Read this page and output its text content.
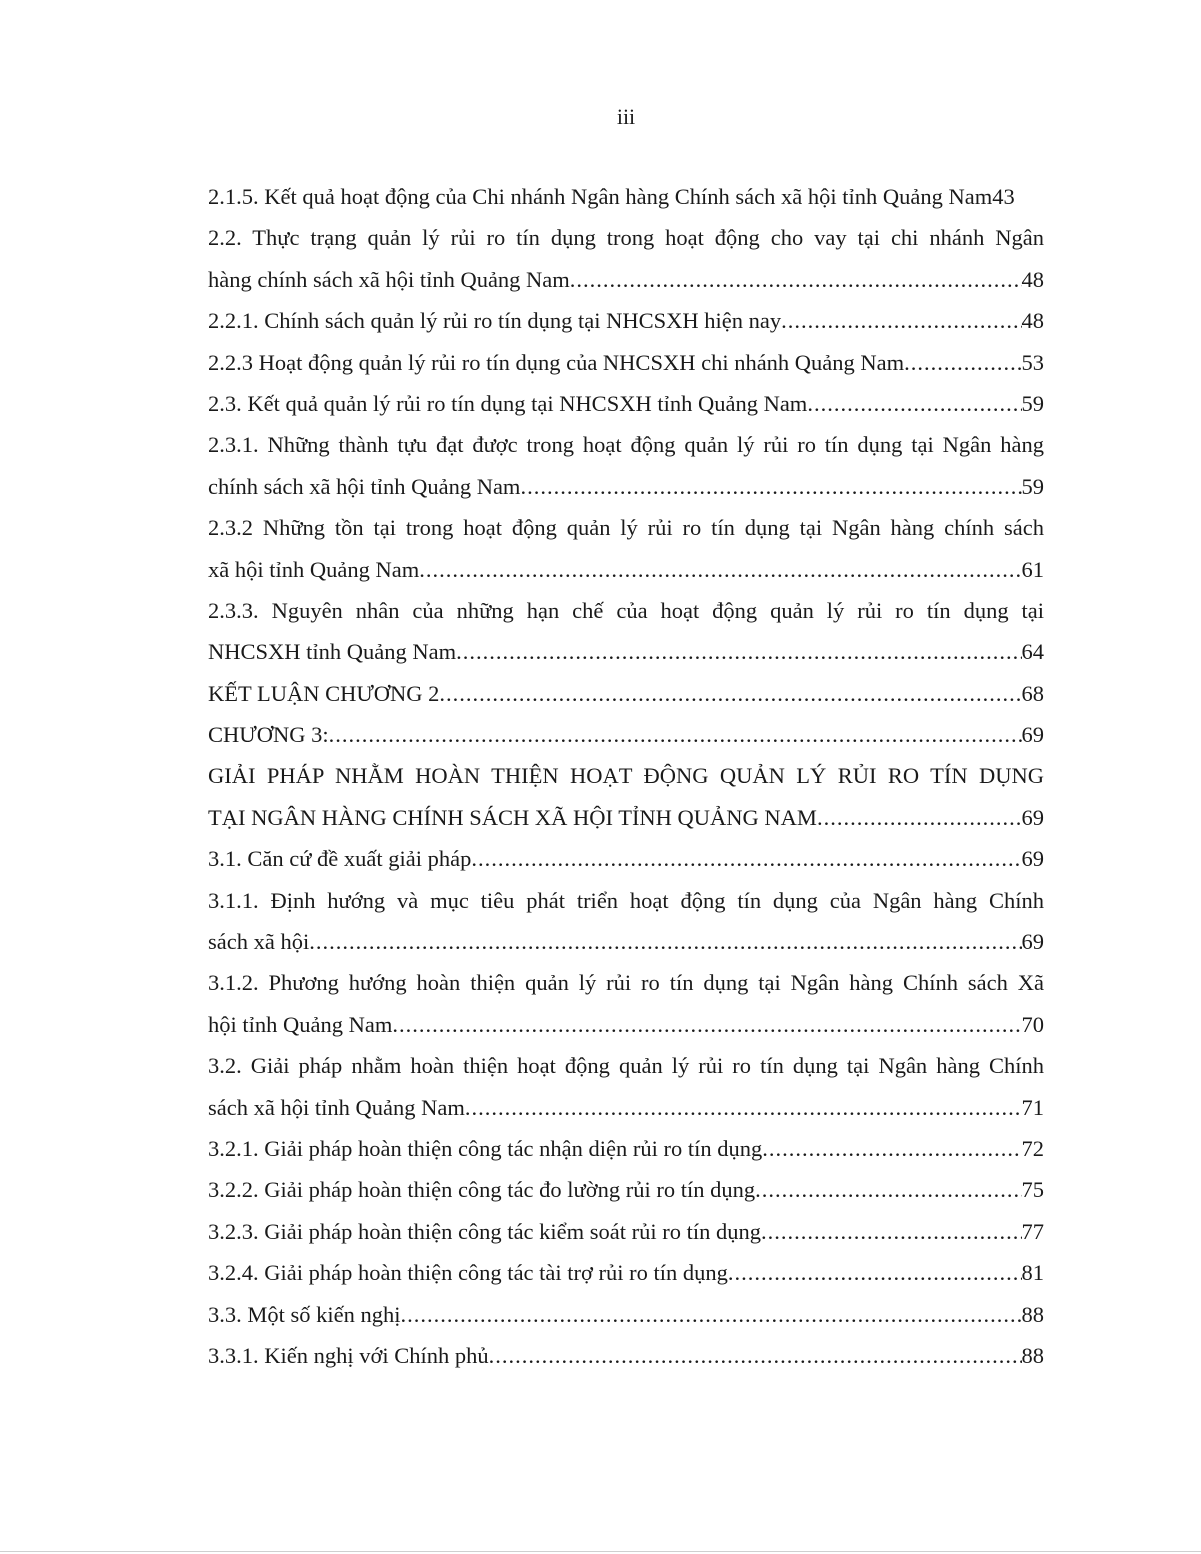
iii
2.1.5. Kết quả hoạt động của Chi nhánh Ngân hàng Chính sách xã hội tỉnh Quảng Nam43
2.2. Thực trạng quản lý rủi ro tín dụng trong hoạt động cho vay tại chi nhánh Ngân
hàng chính sách xã hội tỉnh Quảng Nam .....	48
2.2.1. Chính sách quản lý rủi ro tín dụng tại NHCSXH hiện nay .....	48
2.2.3 Hoạt động quản lý rủi ro tín dụng của NHCSXH chi nhánh Quảng Nam .....	53
2.3. Kết quả quản lý rủi ro tín dụng tại NHCSXH tỉnh Quảng Nam .....	59
2.3.1. Những thành tựu đạt được trong hoạt động quản lý rủi ro tín dụng tại Ngân hàng
chính sách xã hội tỉnh Quảng Nam .....	59
2.3.2 Những tồn tại trong hoạt động quản lý rủi ro tín dụng tại Ngân hàng chính sách
xã hội tỉnh Quảng Nam .....	61
2.3.3. Nguyên nhân của những hạn chế của hoạt động quản lý rủi ro tín dụng tại
NHCSXH tỉnh Quảng Nam .....	64
KẾT LUẬN CHƯƠNG 2 .....	68
CHƯƠNG 3: .....	69
GIẢI PHÁP NHẰM HOÀN THIỆN HOẠT ĐỘNG QUẢN LÝ RỦI RO TÍN DỤNG
TẠI NGÂN HÀNG CHÍNH SÁCH XÃ HỘI TỈNH QUẢNG NAM .....	69
3.1. Căn cứ đề xuất giải pháp .....	69
3.1.1. Định hướng và mục tiêu phát triển hoạt động tín dụng của Ngân hàng Chính
sách xã hội .....	69
3.1.2. Phương hướng hoàn thiện quản lý rủi ro tín dụng tại Ngân hàng Chính sách Xã
hội tỉnh Quảng Nam .....	70
3.2. Giải pháp nhằm hoàn thiện hoạt động quản lý rủi ro tín dụng tại Ngân hàng Chính
sách xã hội tỉnh Quảng Nam .....	71
3.2.1. Giải pháp hoàn thiện công tác nhận diện rủi ro tín dụng .....	72
3.2.2. Giải pháp hoàn thiện công tác đo lường rủi ro tín dụng .....	75
3.2.3. Giải pháp hoàn thiện công tác kiểm soát rủi ro tín dụng .....	77
3.2.4. Giải pháp hoàn thiện công tác tài trợ rủi ro tín dụng .....	81
3.3. Một số kiến nghị .....	88
3.3.1. Kiến nghị với Chính phủ .....	88
